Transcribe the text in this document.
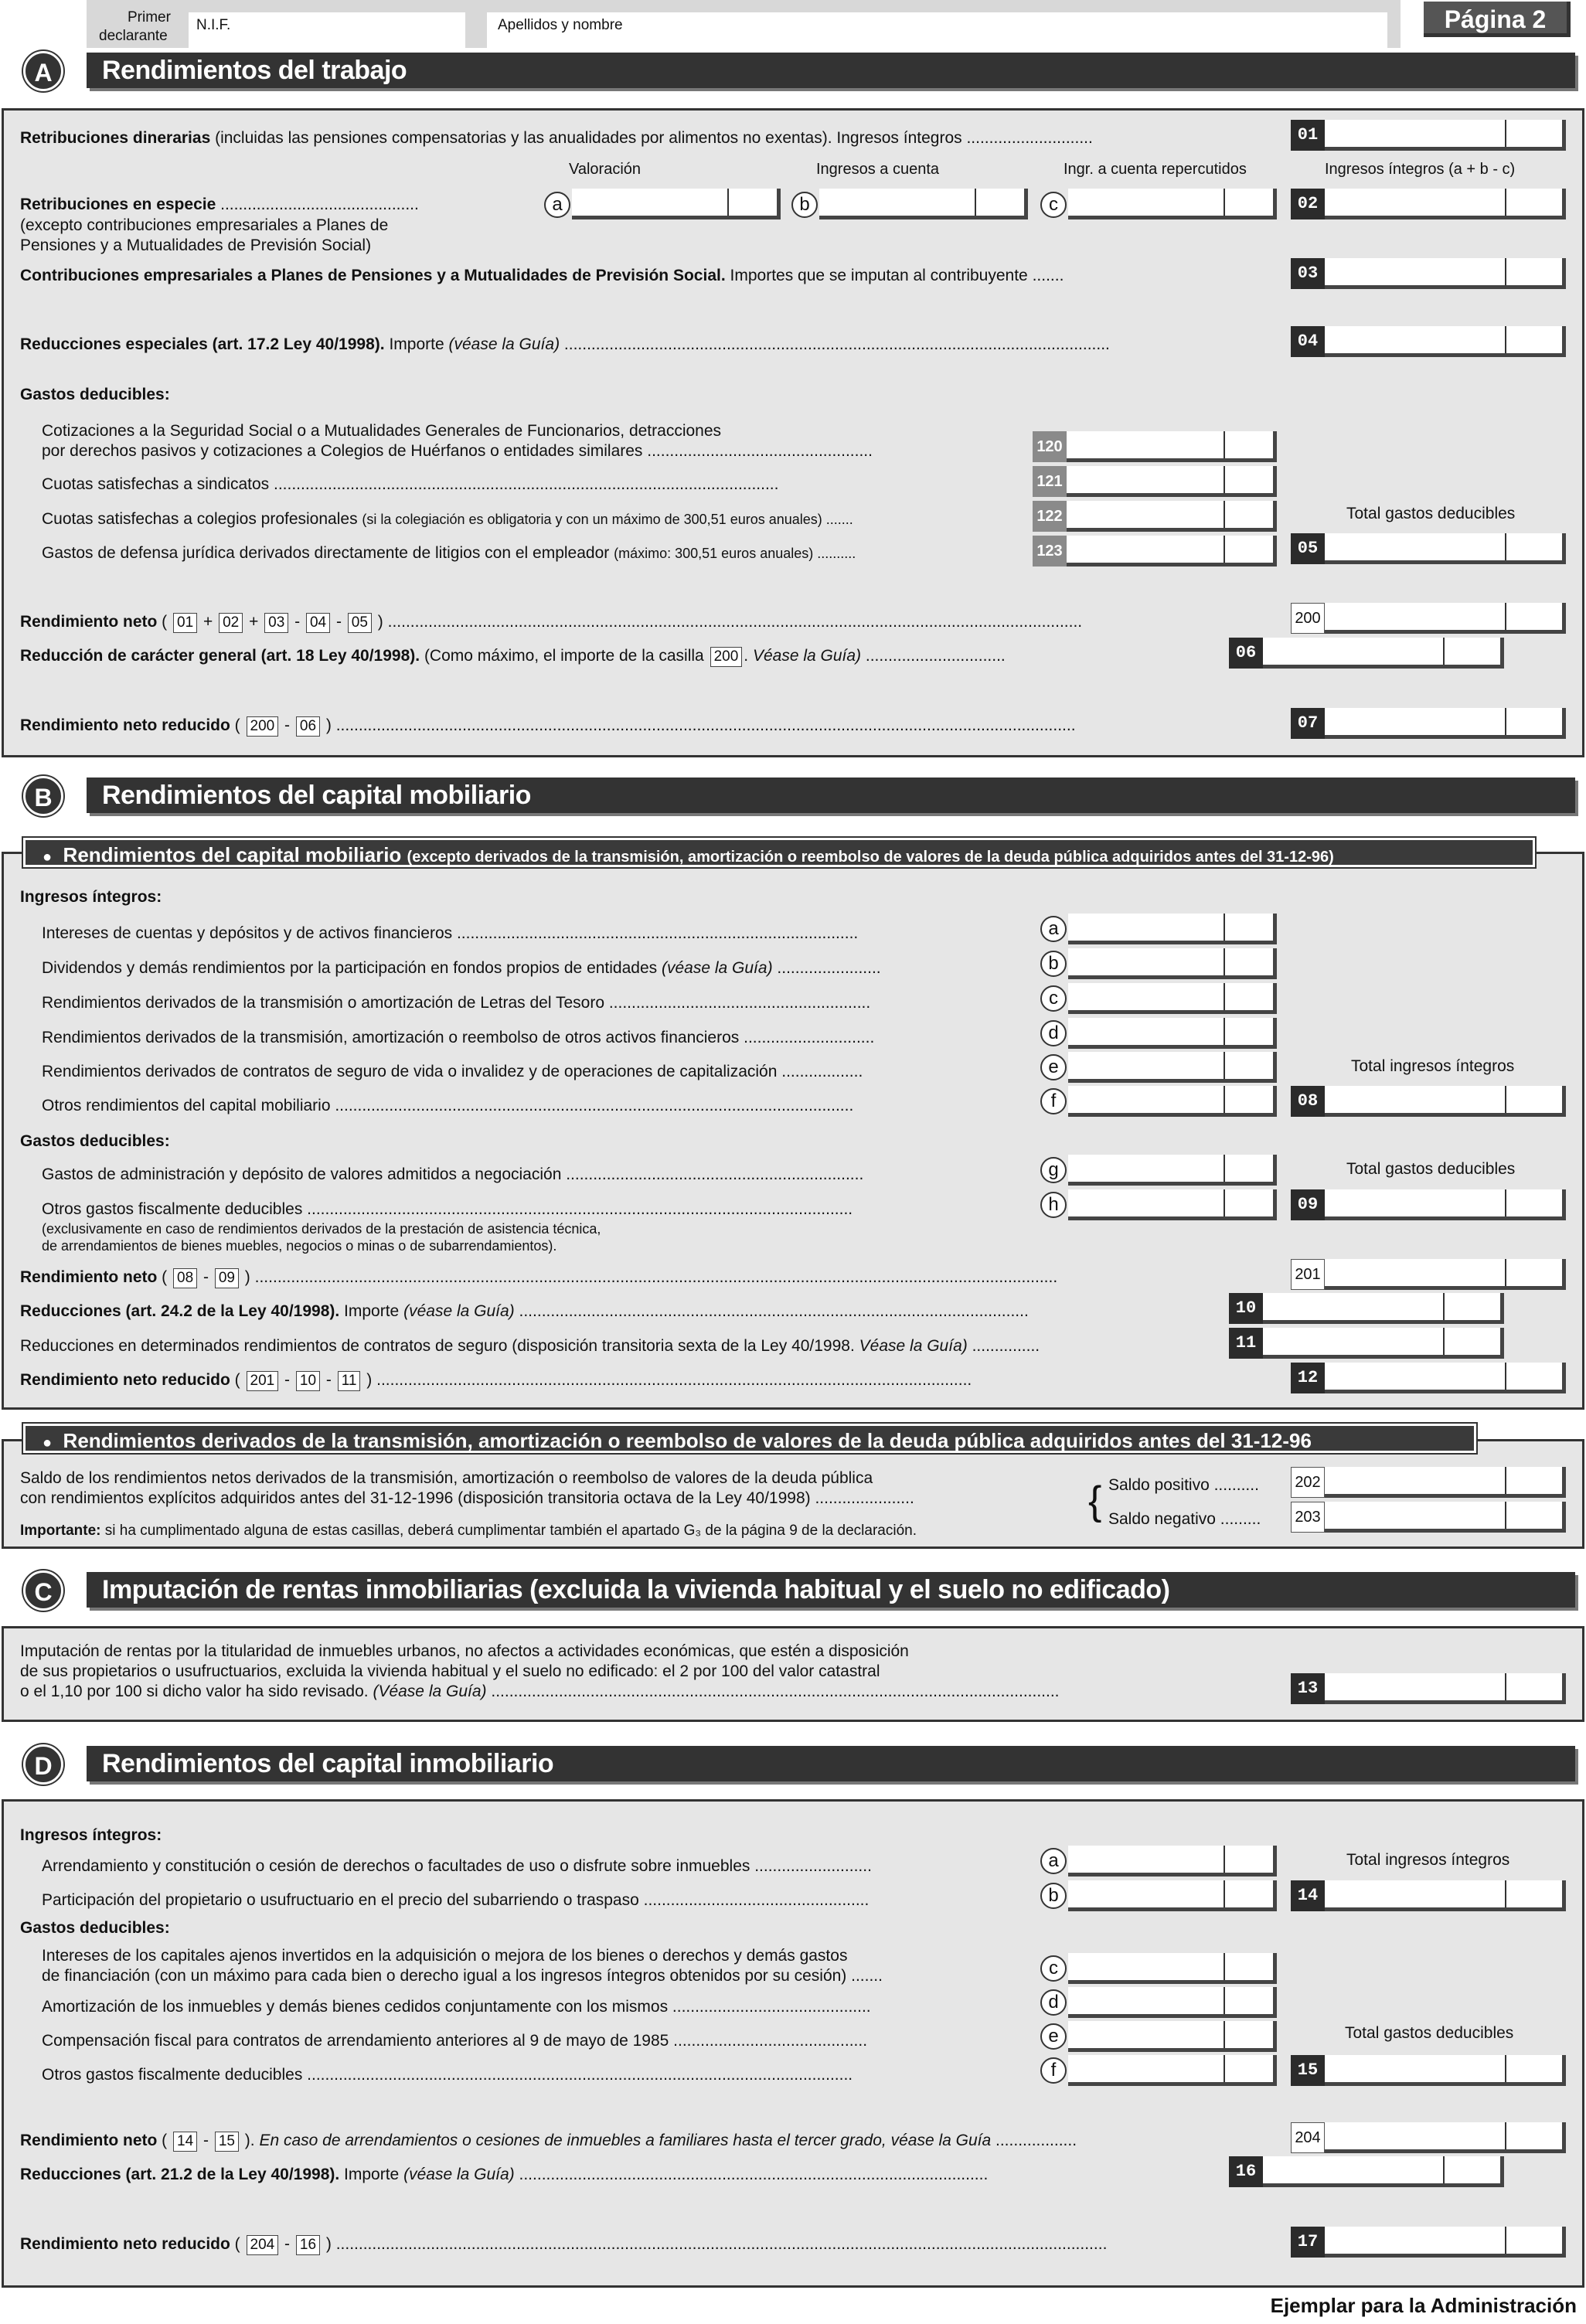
Primer
declarante
N.I.F.	Apellidos y nombre	Página 2
A	Rendimientos del trabajo
Retribuciones dinerarias (incluidas las pensiones compensatorias y las anualidades por alimentos no exentas). Ingresos íntegros ............................	01
Valoración	Ingresos a cuenta	Ingr. a cuenta repercutidos	Ingresos íntegros (a + b - c)
Retribuciones en especie ............................................
(excepto contribuciones empresariales a Planes de
Pensiones y a Mutualidades de Previsión Social)
a	b	c	02
Contribuciones empresariales a Planes de Pensiones y a Mutualidades de Previsión Social. Importes que se imputan al contribuyente .......	03
Reducciones especiales (art. 17.2 Ley 40/1998). Importe (véase la Guía) .........................................................................................................................	04
Gastos deducibles:
Cotizaciones a la Seguridad Social o a Mutualidades Generales de Funcionarios, detracciones
por derechos pasivos y cotizaciones a Colegios de Huérfanos o entidades similares ..................................................	120
Cuotas satisfechas a sindicatos ................................................................................................................	121
Cuotas satisfechas a colegios profesionales (si la colegiación es obligatoria y con un máximo de 300,51 euros anuales) .......	122
Gastos de defensa jurídica derivados directamente de litigios con el empleador (máximo: 300,51 euros anuales) ..........	123
Total gastos deducibles
05
Rendimiento neto ( 01 + 02 + 03 - 04 - 05 ) ..........................................................................................................................................................	200
Reducción de carácter general (art. 18 Ley 40/1998). (Como máximo, el importe de la casilla 200 . Véase la Guía) ...............................	06
Rendimiento neto reducido ( 200 - 06 ) ....................................................................................................................................................................	07
B	Rendimientos del capital mobiliario
● Rendimientos del capital mobiliario (excepto derivados de la transmisión, amortización o reembolso de valores de la deuda pública adquiridos antes del 31-12-96)
Ingresos íntegros:
Intereses de cuentas y depósitos y de activos financieros .........................................................................................	a
Dividendos y demás rendimientos por la participación en fondos propios de entidades (véase la Guía) .......................	b
Rendimientos derivados de la transmisión o amortización de Letras del Tesoro ..........................................................	c
Rendimientos derivados de la transmisión, amortización o reembolso de otros activos financieros .............................	d
Rendimientos derivados de contratos de seguro de vida o invalidez y de operaciones de capitalización ..................	e
Otros rendimientos del capital mobiliario ...................................................................................................................	f
Total ingresos íntegros
08
Gastos deducibles:
Gastos de administración y depósito de valores admitidos a negociación ..................................................................	g
Otros gastos fiscalmente deducibles .........................................................................................................................
(exclusivamente en caso de rendimientos derivados de la prestación de asistencia técnica,
de arrendamientos de bienes muebles, negocios o minas o de subarrendamientos).
h
Total gastos deducibles
09
Rendimiento neto ( 08 - 09 ) ..................................................................................................................................................................................	201
Reducciones (art. 24.2 de la Ley 40/1998). Importe (véase la Guía) .................................................................................................................	10
Reducciones en determinados rendimientos de contratos de seguro (disposición transitoria sexta de la Ley 40/1998. Véase la Guía) ...............	11
Rendimiento neto reducido ( 201 - 10 - 11 ) ....................................................................................................................................	12
● Rendimientos derivados de la transmisión, amortización o reembolso de valores de la deuda pública adquiridos antes del 31-12-96
Saldo de los rendimientos netos derivados de la transmisión, amortización o reembolso de valores de la deuda pública
con rendimientos explícitos adquiridos antes del 31-12-1996 (disposición transitoria octava de la Ley 40/1998) ......................
Importante: si ha cumplimentado alguna de estas casillas, deberá cumplimentar también el apartado G₃ de la página 9 de la declaración.
{ Saldo positivo ..........
Saldo negativo .........
202
203
C	Imputación de rentas inmobiliarias (excluida la vivienda habitual y el suelo no edificado)
Imputación de rentas por la titularidad de inmuebles urbanos, no afectos a actividades económicas, que estén a disposición
de sus propietarios o usufructuarios, excluida la vivienda habitual y el suelo no edificado: el 2 por 100 del valor catastral
o el 1,10 por 100 si dicho valor ha sido revisado. (Véase la Guía) ..............................................................................................................................	13
D	Rendimientos del capital inmobiliario
Ingresos íntegros:
Arrendamiento y constitución o cesión de derechos o facultades de uso o disfrute sobre inmuebles ..........................	a
Participación del propietario o usufructuario en el precio del subarriendo o traspaso ..................................................	b
Total ingresos íntegros
14
Gastos deducibles:
Intereses de los capitales ajenos invertidos en la adquisición o mejora de los bienes o derechos y demás gastos
de financiación (con un máximo para cada bien o derecho igual a los ingresos íntegros obtenidos por su cesión) .......	c
Amortización de los inmuebles y demás bienes cedidos conjuntamente con los mismos ............................................	d
Compensación fiscal para contratos de arrendamiento anteriores al 9 de mayo de 1985 ...........................................	e
Otros gastos fiscalmente deducibles .........................................................................................................................	f
Total gastos deducibles
15
Rendimiento neto ( 14 - 15 ). En caso de arrendamientos o cesiones de inmuebles a familiares hasta el tercer grado, véase la Guía ..................	204
Reducciones (art. 21.2 de la Ley 40/1998). Importe (véase la Guía) ........................................................................................................	16
Rendimiento neto reducido ( 204 - 16 ) ...........................................................................................................................................................................	17
Ejemplar para la Administración
